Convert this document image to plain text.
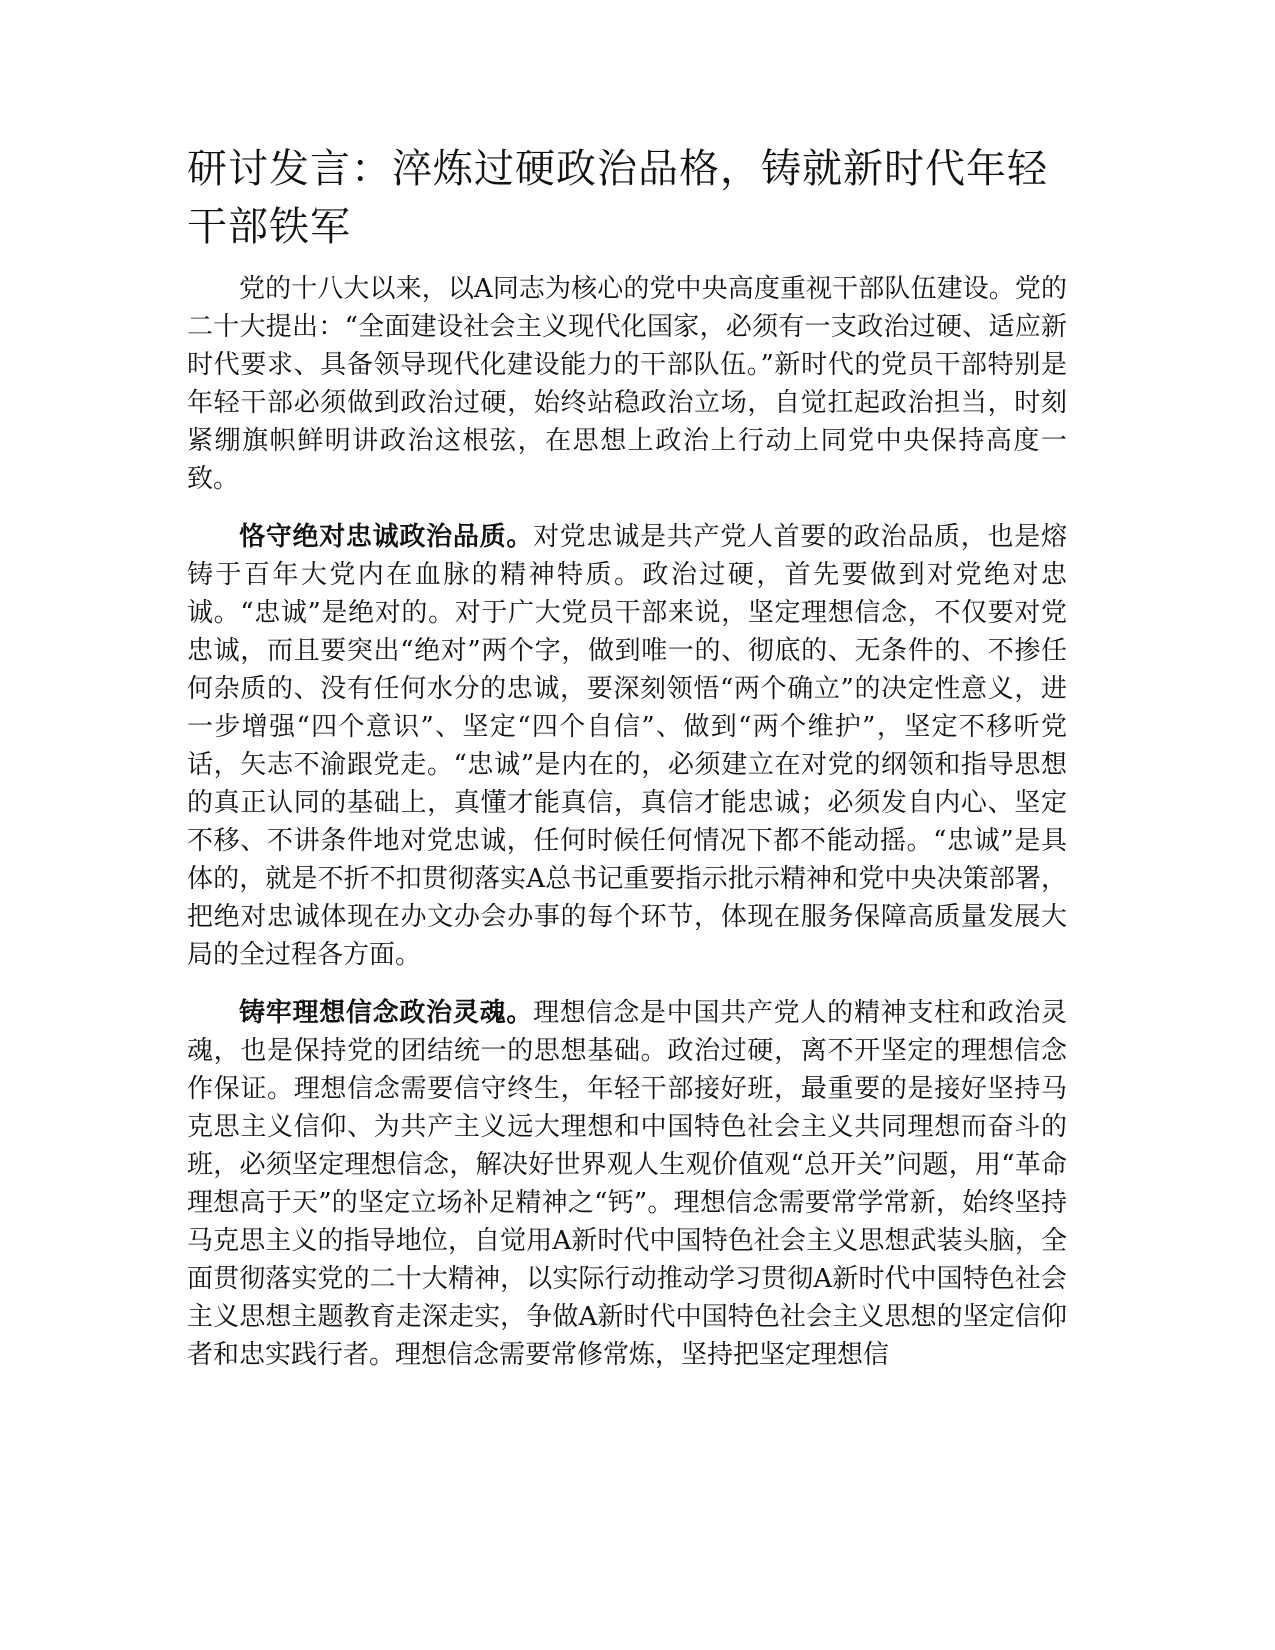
研讨发言：淬炼过硬政治品格，铸就新时代年轻干部铁军

党的十八大以来，以A同志为核心的党中央高度重视干部队伍建设。党的二十大提出：“全面建设社会主义现代化国家，必须有一支政治过硬、适应新时代要求、具备领导现代化建设能力的干部队伍。”新时代的党员干部特别是年轻干部必须做到政治过硬，始终站稳政治立场，自觉扛起政治担当，时刻紧绷旗帜鲜明讲政治这根弦，在思想上政治上行动上同党中央保持高度一致。

恪守绝对忠诚政治品质。对党忠诚是共产党人首要的政治品质，也是熔铸于百年大党内在血脉的精神特质。政治过硬，首先要做到对党绝对忠诚。“忠诚”是绝对的。对于广大党员干部来说，坚定理想信念，不仅要对党忠诚，而且要突出“绝对”两个字，做到唯一的、彻底的、无条件的、不掺任何杂质的、没有任何水分的忠诚，要深刻领悟“两个确立”的决定性意义，进一步增强“四个意识”、坚定“四个自信”、做到“两个维护”，坚定不移听党话，矢志不渝跟党走。“忠诚”是内在的，必须建立在对党的纲领和指导思想的真正认同的基础上，真懂才能真信，真信才能忠诚；必须发自内心、坚定不移、不讲条件地对党忠诚，任何时候任何情况下都不能动摇。“忠诚”是具体的，就是不折不扣贯彻落实A总书记重要指示批示精神和党中央决策部署，把绝对忠诚体现在办文办会办事的每个环节，体现在服务保障高质量发展大局的全过程各方面。

铸牢理想信念政治灵魂。理想信念是中国共产党人的精神支柱和政治灵魂，也是保持党的团结统一的思想基础。政治过硬，离不开坚定的理想信念作保证。理想信念需要信守终生，年轻干部接好班，最重要的是接好坚持马克思主义信仰、为共产主义远大理想和中国特色社会主义共同理想而奋斗的班，必须坚定理想信念，解决好世界观人生观价值观“总开关”问题，用“革命理想高于天”的坚定立场补足精神之“钙”。理想信念需要常学常新，始终坚持马克思主义的指导地位，自觉用A新时代中国特色社会主义思想武装头脑，全面贯彻落实党的二十大精神，以实际行动推动学习贯彻A新时代中国特色社会主义思想主题教育走深走实，争做A新时代中国特色社会主义思想的坚定信仰者和忠实践行者。理想信念需要常修常炼，坚持把坚定理想信
